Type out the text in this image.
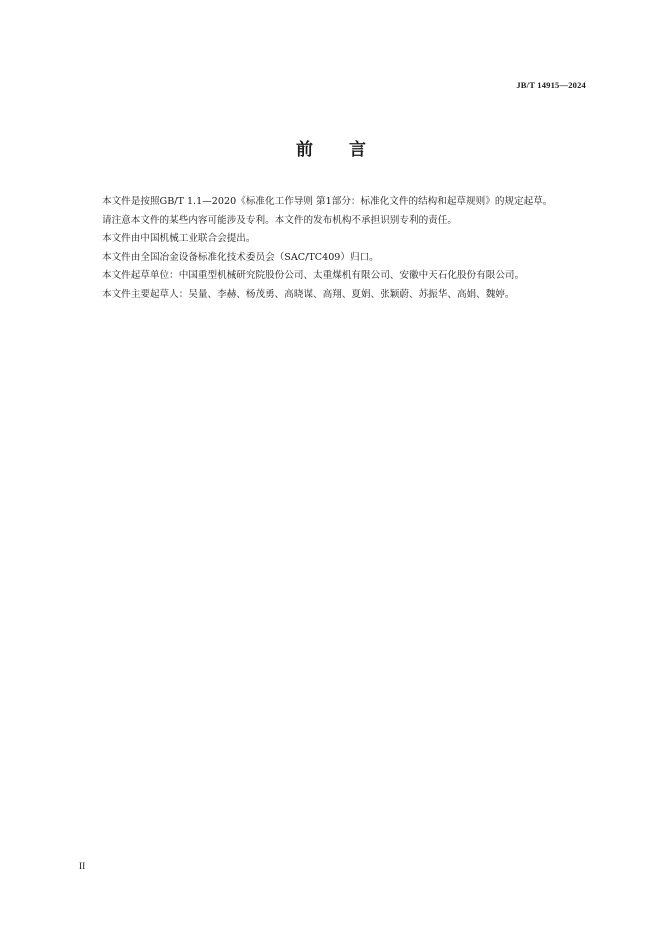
JB/T 14915—2024
前言

本文件是按照GB/T 1.1—2020《标准化工作导则 第1部分：标准化文件的结构和起草规则》的规定起草。

请注意本文件的某些内容可能涉及专利。本文件的发布机构不承担识别专利的责任。

本文件由中国机械工业联合会提出。

本文件由全国冶金设备标准化技术委员会（SAC/TC409）归口。

本文件起草单位：中国重型机械研究院股份公司、太重煤机有限公司、安徽中天石化股份有限公司。

本文件主要起草人：吴量、李赫、杨茂勇、高晓谋、高翔、夏娟、张颖蔚、苏振华、高娟、魏婷。

II
